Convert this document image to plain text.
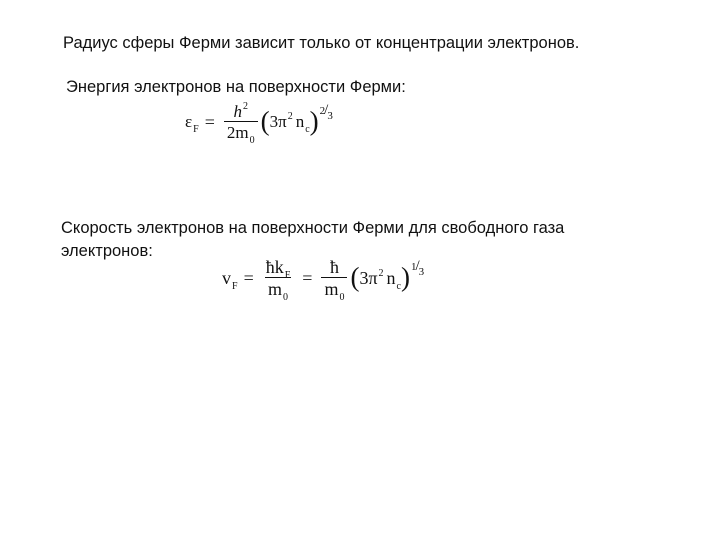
Радиус сферы Ферми зависит только от концентрации электронов.

Энергия электронов на поверхности Ферми:

$\varepsilon_F = \frac{h 2}{2m 0}$ ( $3\pi^2$ $n_c$ ) 2 / 3

Скорость электронов на поверхности Ферми для свободного газа

электронов:

$v_F = \frac{\text{ħk F}}{m 0} = \frac{ħ}{m 0}$ ( $3\pi^2$ $n_c$ ) 1 / 3
